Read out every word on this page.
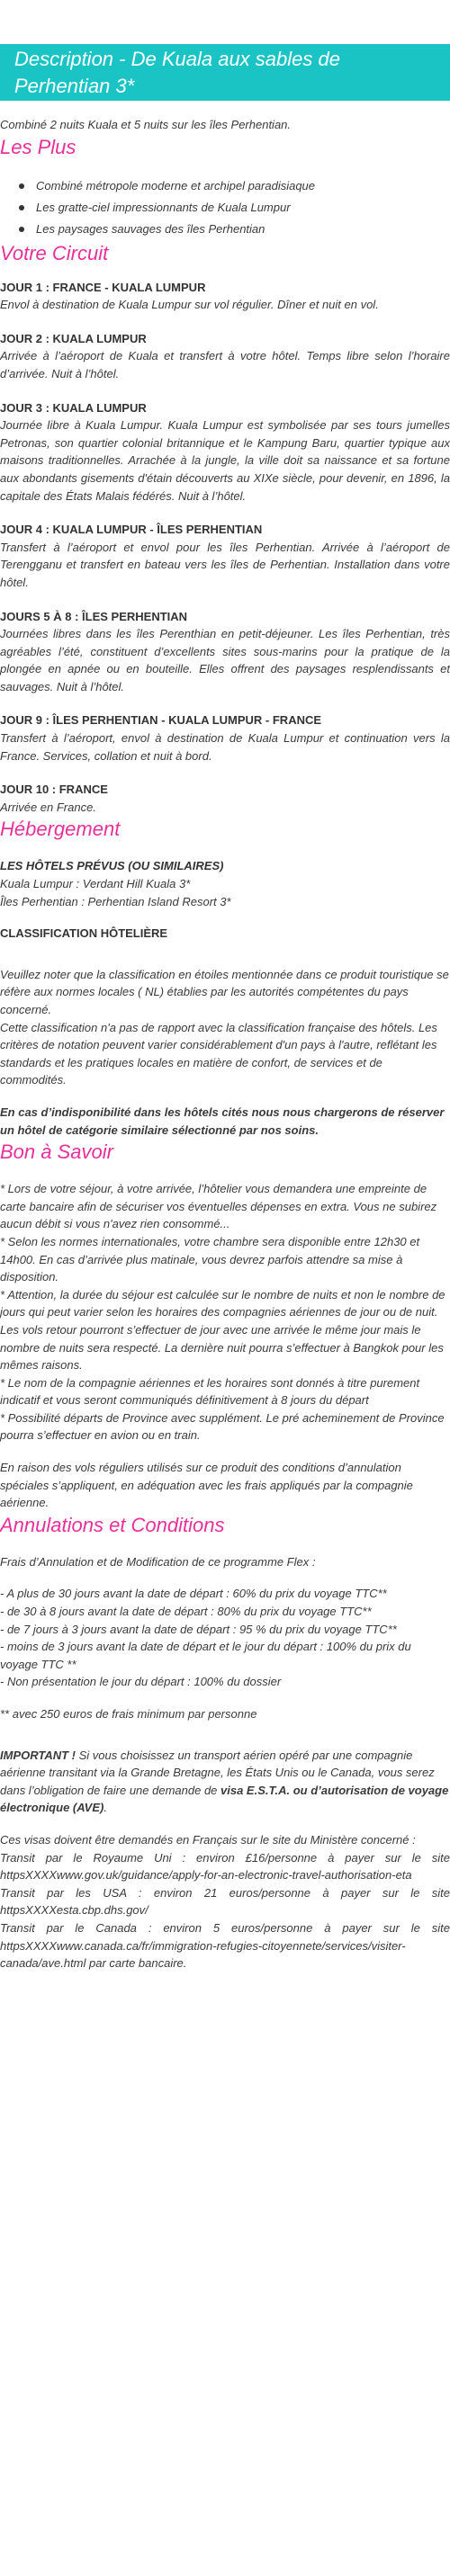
Description - De Kuala aux sables de
Perhentian 3*

Combiné 2 nuits Kuala et 5 nuits sur les îles Perhentian.

Les Plus
Combiné métropole moderne et archipel paradisiaque
Les gratte-ciel impressionnants de Kuala Lumpur
Les paysages sauvages des îles Perhentian
Votre Circuit
JOUR 1 : FRANCE - KUALA LUMPUR
Envol à destination de Kuala Lumpur sur vol régulier. Dîner et nuit en vol.
JOUR 2 : KUALA LUMPUR
Arrivée à l’aéroport de Kuala et transfert à votre hôtel. Temps libre selon l’horaire d’arrivée. Nuit à l’hôtel.
JOUR 3 : KUALA LUMPUR
Journée libre à Kuala Lumpur. Kuala Lumpur est symbolisée par ses tours jumelles Petronas, son quartier colonial britannique et le Kampung Baru, quartier typique aux maisons traditionnelles. Arrachée à la jungle, la ville doit sa naissance et sa fortune aux abondants gisements d'étain découverts au XIXe siècle, pour devenir, en 1896, la capitale des États Malais fédérés. Nuit à l’hôtel.
JOUR 4 : KUALA LUMPUR - ÎLES PERHENTIAN
Transfert à l’aéroport et envol pour les îles Perhentian. Arrivée à l’aéroport de Terengganu et transfert en bateau vers les îles de Perhentian. Installation dans votre hôtel.
JOURS 5 À 8 : ÎLES PERHENTIAN
Journées libres dans les îles Perenthian en petit-déjeuner. Les îles Perhentian, très agréables l’été, constituent d’excellents sites sous-marins pour la pratique de la plongée en apnée ou en bouteille. Elles offrent des paysages resplendissants et sauvages. Nuit à l’hôtel.
JOUR 9 : ÎLES PERHENTIAN - KUALA LUMPUR - FRANCE
Transfert à l’aéroport, envol à destination de Kuala Lumpur et continuation vers la France. Services, collation et nuit à bord.
JOUR 10 : FRANCE
Arrivée en France.
Hébergement
LES HÔTELS PRÉVUS (OU SIMILAIRES)
Kuala Lumpur : Verdant Hill Kuala 3*
Îles Perhentian : Perhentian Island Resort 3*
CLASSIFICATION HÔTELIÈRE

Veuillez noter que la classification en étoiles mentionnée dans ce produit touristique se réfère aux normes locales ( NL) établies par les autorités compétentes du pays concerné.

Cette classification n'a pas de rapport avec la classification française des hôtels. Les critères de notation peuvent varier considérablement d'un pays à l'autre, reflétant les standards et les pratiques locales en matière de confort, de services et de commodités.

En cas d’indisponibilité dans les hôtels cités nous nous chargerons de réserver un hôtel de catégorie similaire sélectionné par nos soins.

Bon à Savoir
* Lors de votre séjour, à votre arrivée, l’hôtelier vous demandera une empreinte de carte bancaire afin de sécuriser vos éventuelles dépenses en extra. Vous ne subirez aucun débit si vous n'avez rien consommé...
* Selon les normes internationales, votre chambre sera disponible entre 12h30 et 14h00. En cas d’arrivée plus matinale, vous devrez parfois attendre sa mise à disposition.
* Attention, la durée du séjour est calculée sur le nombre de nuits et non le nombre de jours qui peut varier selon les horaires des compagnies aériennes de jour ou de nuit. Les vols retour pourront s’effectuer de jour avec une arrivée le même jour mais le nombre de nuits sera respecté. La dernière nuit pourra s’effectuer à Bangkok pour les mêmes raisons.
* Le nom de la compagnie aériennes et les horaires sont donnés à titre purement indicatif et vous seront communiqués définitivement à 8 jours du départ
* Possibilité départs de Province avec supplément. Le pré acheminement de Province pourra s’effectuer en avion ou en train.

En raison des vols réguliers utilisés sur ce produit des conditions d’annulation spéciales s’appliquent, en adéquation avec les frais appliqués par la compagnie aérienne.

Annulations et Conditions

Frais d’Annulation et de Modification de ce programme Flex :

- A plus de 30 jours avant la date de départ : 60% du prix du voyage TTC**
- de 30 à 8 jours avant la date de départ : 80% du prix du voyage TTC**
- de 7 jours à 3 jours avant la date de départ : 95 % du prix du voyage TTC**
- moins de 3 jours avant la date de départ et le jour du départ : 100% du prix du voyage TTC **
- Non présentation le jour du départ : 100% du dossier

** avec 250 euros de frais minimum par personne

IMPORTANT ! Si vous choisissez un transport aérien opéré par une compagnie aérienne transitant via la Grande Bretagne, les États Unis ou le Canada, vous serez dans l’obligation de faire une demande de visa E.S.T.A. ou d’autorisation de voyage électronique (AVE).

Ces visas doivent être demandés en Français sur le site du Ministère concerné :
Transit par le Royaume Uni : environ £16/personne à payer sur le site httpsXXXXwww.gov.uk/guidance/apply-for-an-electronic-travel-authorisation-eta
Transit par les USA : environ 21 euros/personne à payer sur le site httpsXXXXesta.cbp.dhs.gov/
Transit par le Canada : environ 5 euros/personne à payer sur le site httpsXXXXwww.canada.ca/fr/immigration-refugies-citoyennete/services/visiter-canada/ave.html par carte bancaire.
